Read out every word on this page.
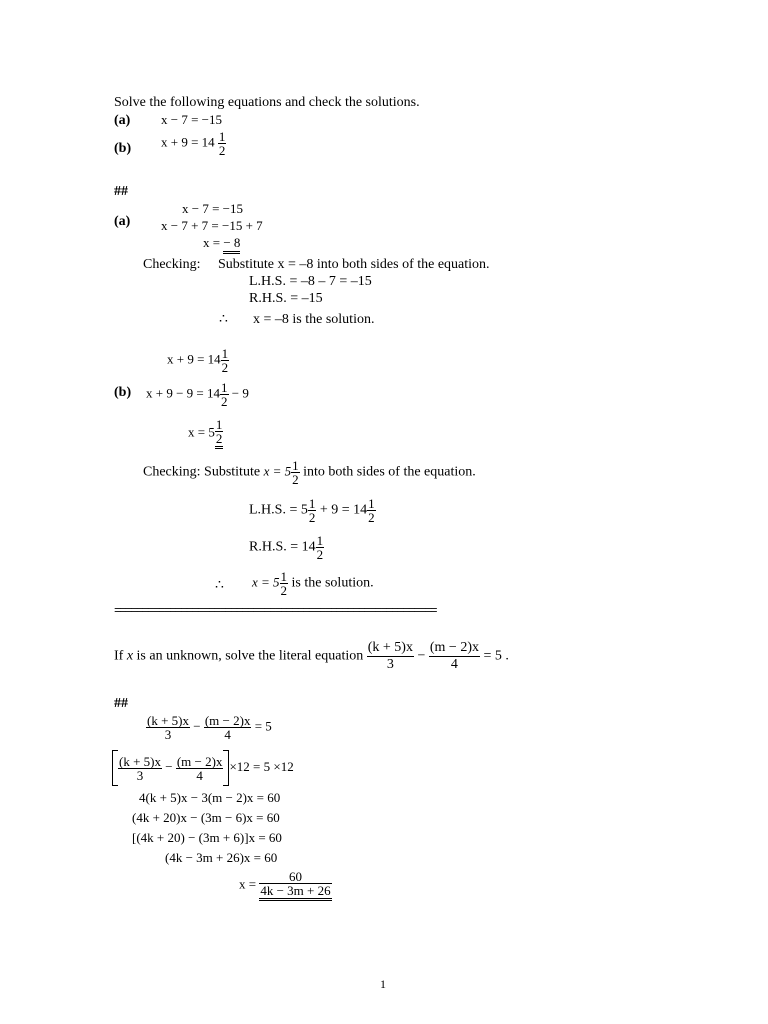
Solve the following equations and check the solutions.
(a) x − 7 = −15
(b) $x + 9 = 14 \frac{1}{2}$
##
x − 7 = −15
(a) x − 7 + 7 = −15 + 7
x = − 8
Checking: Substitute x = –8 into both sides of the equation.
L.H.S. = –8 – 7 = –15
R.H.S. = –15
∴ x = –8 is the solution.
$x + 9 = 14 \frac{1}{2}$
(b) $x + 9 - 9 = 14 \frac{1}{2} - 9$
$x = 5 \frac{1}{2}$
Checking: Substitute $x = 5 \frac{1}{2}$ into both sides of the equation.
L.H.S. = $5 \frac{1}{2} + 9 = 14 \frac{1}{2}$
R.H.S. = $14 \frac{1}{2}$
∴ $x = 5 \frac{1}{2}$ is the solution.
==========================================================
If x is an unknown, solve the literal equation $\frac{(k + 5)x}{3} - \frac{(m - 2)x}{4} = 5$ .
##
$\frac{(k + 5)x}{3} - \frac{(m - 2)x}{4} = 5$
$\frac{(k + 5)x}{3} - \frac{(m - 2)x}{4} \times 12 = 5 \times 12$
4(k + 5)x − 3(m − 2)x = 60
(4k + 20)x − (3m − 6)x = 60
[(4k + 20) − (3m + 6)]x = 60
(4k − 3m + 26)x = 60
$x = \frac{60}{4k - 3m + 26}$
1
